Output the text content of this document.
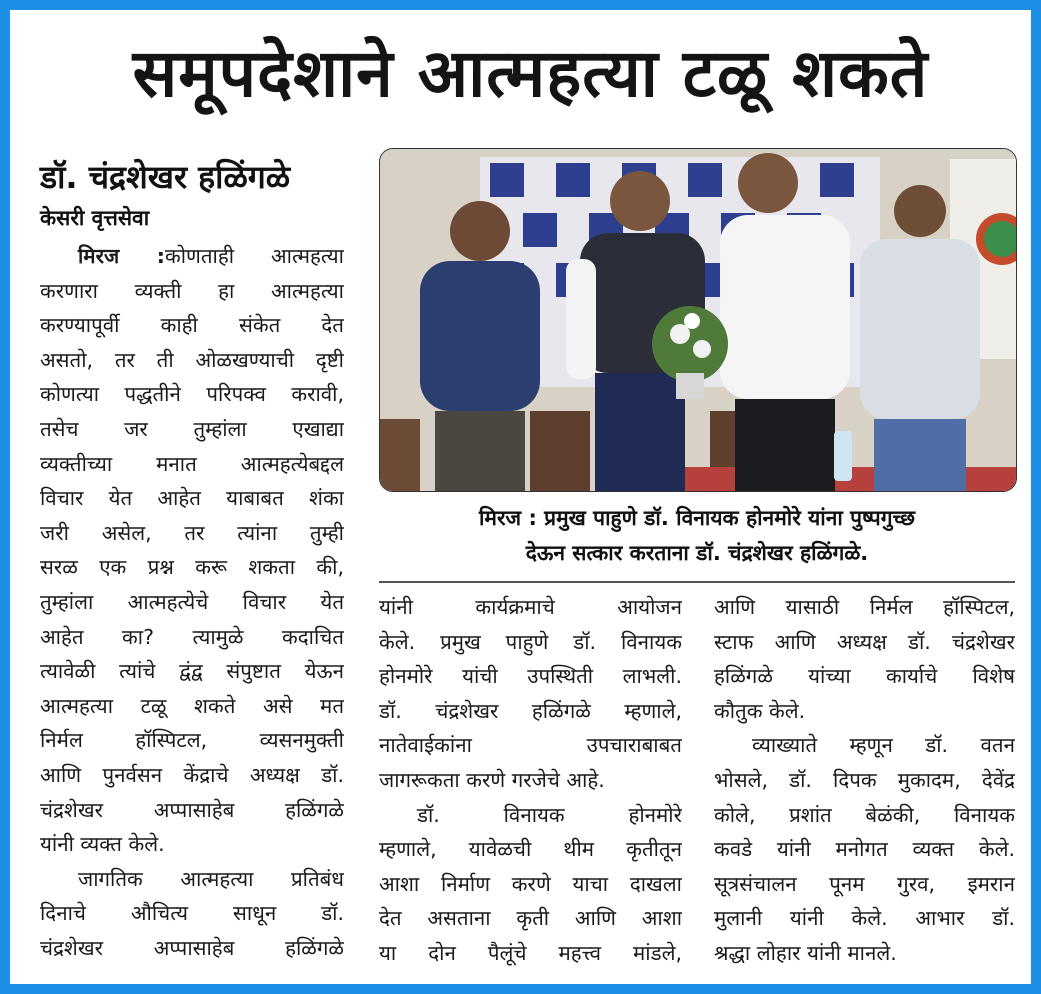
समूपदेशाने आत्महत्या टळू शकते
डॉ. चंद्रशेखर हळिंगळे
केसरी वृत्तसेवा
मिरज :कोणताही आत्महत्या
करणारा व्यक्ती हा आत्महत्या
करण्यापूर्वी काही संकेत देत
असतो, तर ती ओळखण्याची दृष्टी
कोणत्या पद्धतीने परिपक्व करावी,
तसेच जर तुम्हांला एखाद्या
व्यक्तीच्या मनात आत्महत्येबद्दल
विचार येत आहेत याबाबत शंका
जरी असेल, तर त्यांना तुम्ही
सरळ एक प्रश्न करू शकता की,
तुम्हांला आत्महत्येचे विचार येत
आहेत का? त्यामुळे कदाचित
त्यावेळी त्यांचे द्वंद्व संपुष्टात येऊन
आत्महत्या टळू शकते असे मत
निर्मल हॉस्पिटल, व्यसनमुक्ती
आणि पुनर्वसन केंद्राचे अध्यक्ष डॉ.
चंद्रशेखर अप्पासाहेब हळिंगळे
यांनी व्यक्त केले.
जागतिक आत्महत्या प्रतिबंध
दिनाचे औचित्य साधून डॉ.
चंद्रशेखर अप्पासाहेब हळिंगळे
मिरज : प्रमुख पाहुणे डॉ. विनायक होनमोरे यांना पुष्पगुच्छ
देऊन सत्कार करताना डॉ. चंद्रशेखर हळिंगळे.
यांनी कार्यक्रमाचे आयोजन
केले. प्रमुख पाहुणे डॉ. विनायक
होनमोरे यांची उपस्थिती लाभली.
डॉ. चंद्रशेखर हळिंगळे म्हणाले,
नातेवाईकांना उपचाराबाबत
जागरूकता करणे गरजेचे आहे.
डॉ. विनायक होनमोरे
म्हणाले, यावेळची थीम कृतीतून
आशा निर्माण करणे याचा दाखला
देत असताना कृती आणि आशा
या दोन पैलूंचे महत्त्व मांडले,
आणि यासाठी निर्मल हॉस्पिटल,
स्टाफ आणि अध्यक्ष डॉ. चंद्रशेखर
हळिंगळे यांच्या कार्याचे विशेष
कौतुक केले.
व्याख्याते म्हणून डॉ. वतन
भोसले, डॉ. दिपक मुकादम, देवेंद्र
कोले, प्रशांत बेळंकी, विनायक
कवडे यांनी मनोगत व्यक्त केले.
सूत्रसंचालन पूनम गुरव, इमरान
मुलानी यांनी केले. आभार डॉ.
श्रद्धा लोहार यांनी मानले.
